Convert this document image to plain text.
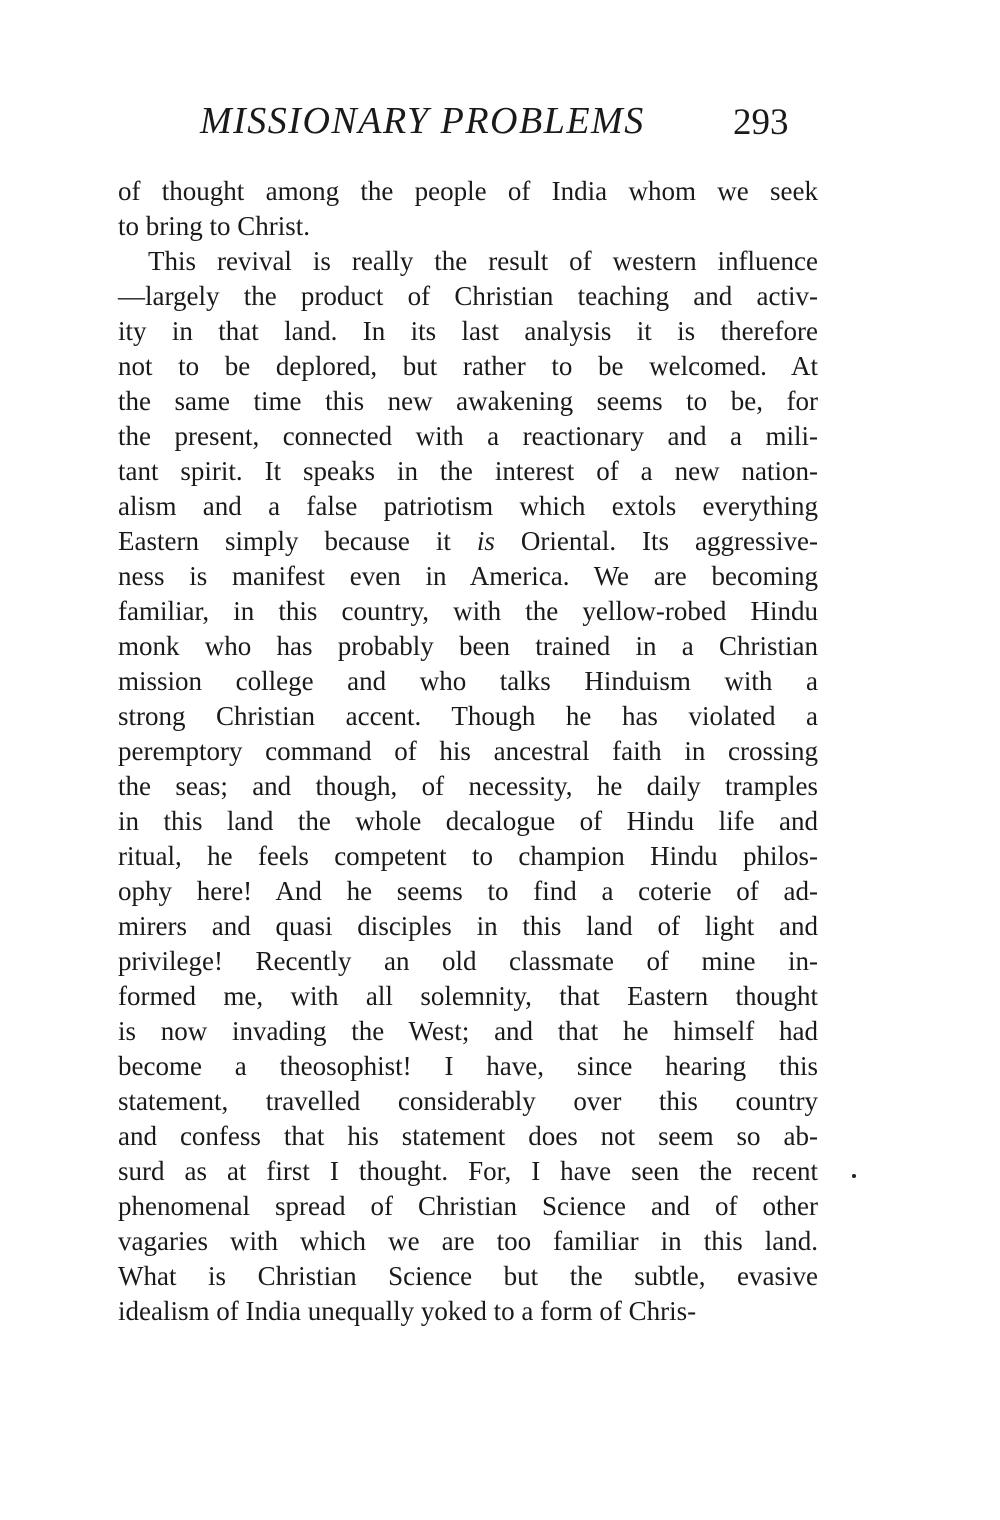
MISSIONARY PROBLEMS 293
of thought among the people of India whom we seek
to bring to Christ.
This revival is really the result of western influence
—largely the product of Christian teaching and activ-
ity in that land. In its last analysis it is therefore
not to be deplored, but rather to be welcomed. At
the same time this new awakening seems to be, for
the present, connected with a reactionary and a mili-
tant spirit. It speaks in the interest of a new nation-
alism and a false patriotism which extols everything
Eastern simply because it is Oriental. Its aggressive-
ness is manifest even in America. We are becoming
familiar, in this country, with the yellow-robed Hindu
monk who has probably been trained in a Christian
mission college and who talks Hinduism with a
strong Christian accent. Though he has violated a
peremptory command of his ancestral faith in crossing
the seas; and though, of necessity, he daily tramples
in this land the whole decalogue of Hindu life and
ritual, he feels competent to champion Hindu philos-
ophy here! And he seems to find a coterie of ad-
mirers and quasi disciples in this land of light and
privilege! Recently an old classmate of mine in-
formed me, with all solemnity, that Eastern thought
is now invading the West; and that he himself had
become a theosophist! I have, since hearing this
statement, travelled considerably over this country
and confess that his statement does not seem so ab-
surd as at first I thought. For, I have seen the recent
phenomenal spread of Christian Science and of other
vagaries with which we are too familiar in this land.
What is Christian Science but the subtle, evasive
idealism of India unequally yoked to a form of Chris-
